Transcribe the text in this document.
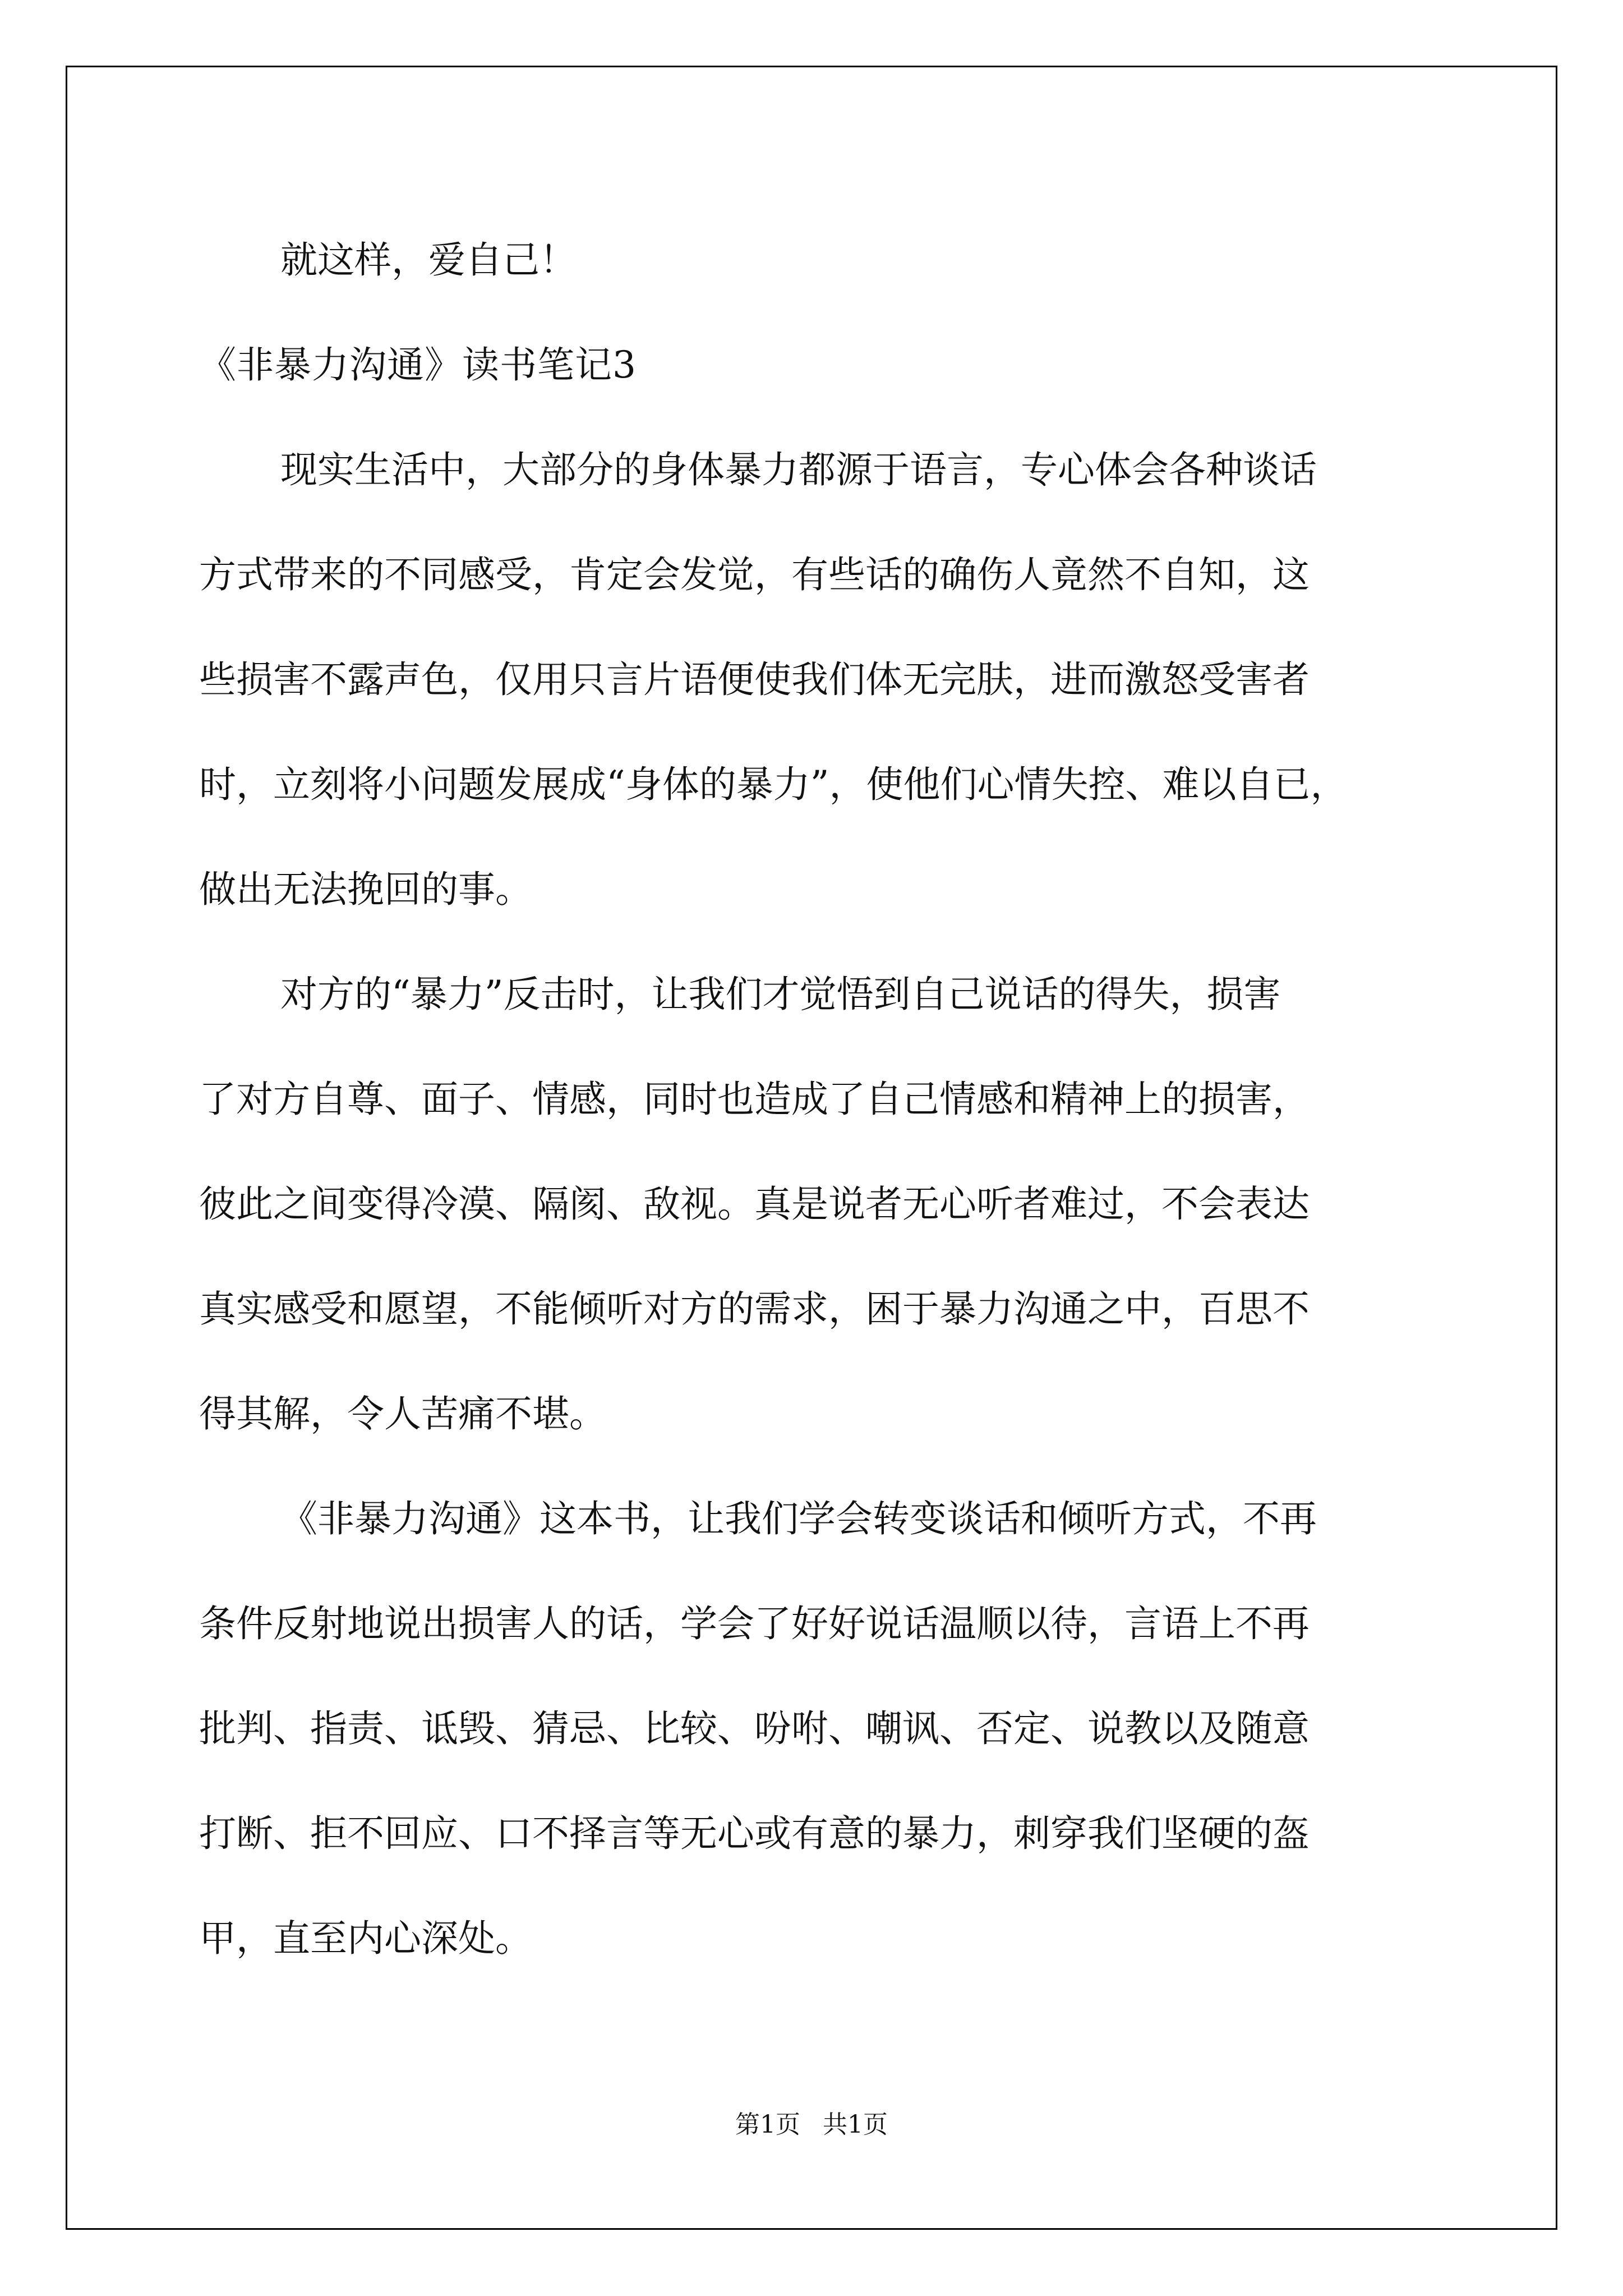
就这样，爱自己！

《非暴力沟通》读书笔记3

现实生活中，大部分的身体暴力都源于语言，专心体会各种谈话

方式带来的不同感受，肯定会发觉，有些话的确伤人竟然不自知，这

些损害不露声色，仅用只言片语便使我们体无完肤，进而激怒受害者

时，立刻将小问题发展成“身体的暴力”，使他们心情失控、难以自已，

做出无法挽回的事。

对方的“暴力”反击时，让我们才觉悟到自己说话的得失，损害

了对方自尊、面子、情感，同时也造成了自己情感和精神上的损害，

彼此之间变得冷漠、隔阂、敌视。真是说者无心听者难过，不会表达

真实感受和愿望，不能倾听对方的需求，困于暴力沟通之中，百思不

得其解，令人苦痛不堪。

《非暴力沟通》这本书，让我们学会转变谈话和倾听方式，不再

条件反射地说出损害人的话，学会了好好说话温顺以待，言语上不再

批判、指责、诋毁、猜忌、比较、吩咐、嘲讽、否定、说教以及随意

打断、拒不回应、口不择言等无心或有意的暴力，刺穿我们坚硬的盔

甲，直至内心深处。

第1页 共1页
